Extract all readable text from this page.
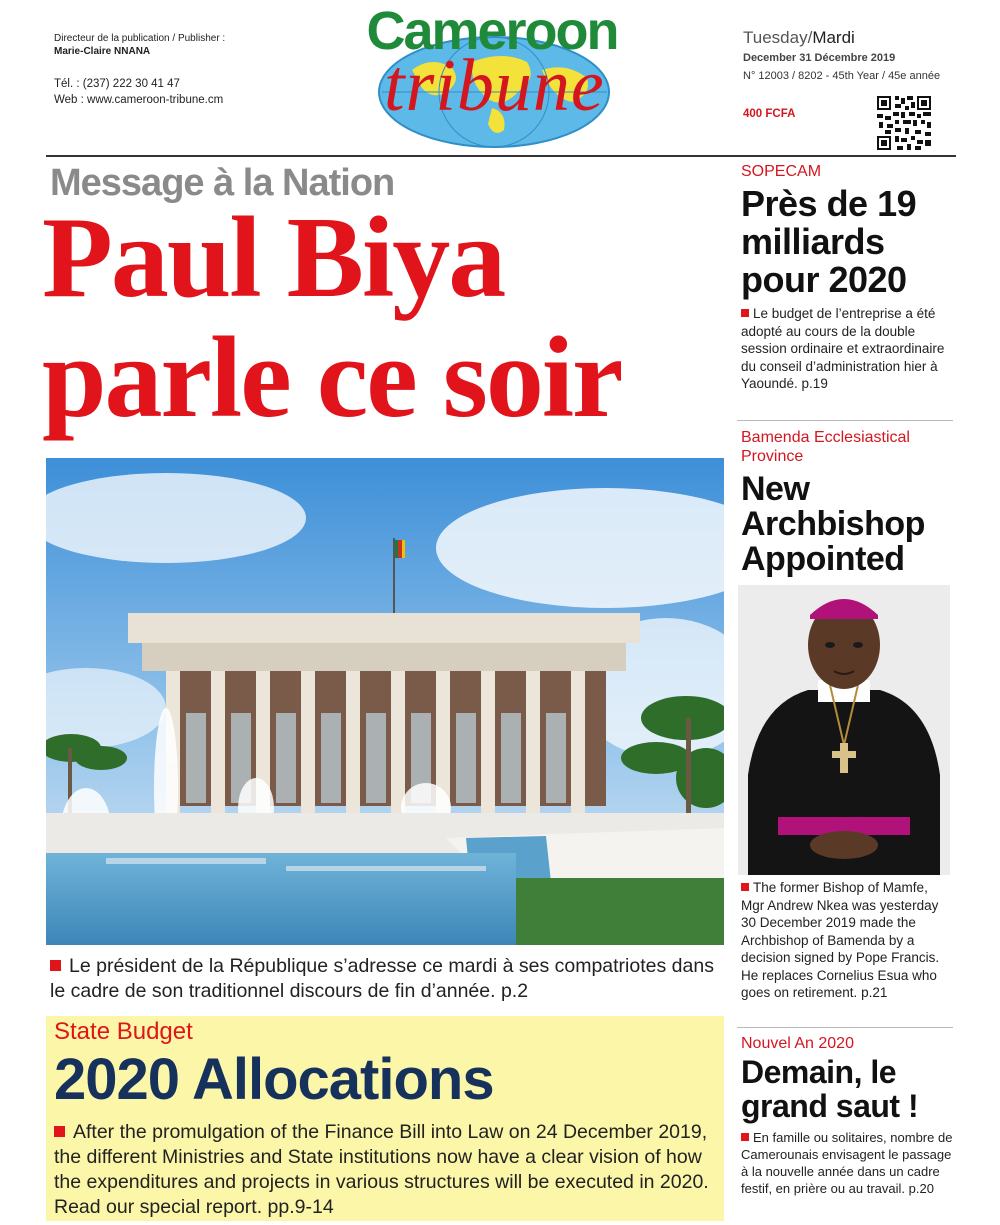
Directeur de la publication / Publisher :
Marie-Claire NNANA
Tél. : (237) 222 30 41 47
Web : www.cameroon-tribune.cm
Cameroon
tribune
Tuesday/Mardi
December 31 Décembre 2019
N° 12003 / 8202 - 45th Year / 45e année
400 FCFA
Message à la Nation
Paul Biya
parle ce soir
Le président de la République s’adresse ce mardi à ses compatriotes dans le cadre de son traditionnel discours de fin d’année. p.2
State Budget
2020 Allocations
After the promulgation of the Finance Bill into Law on 24 December 2019, the different Ministries and State institutions now have a clear vision of how the expenditures and projects in various structures will be executed in 2020. Read our special report. pp.9-14
SOPECAM
Près de 19 milliards pour 2020
Le budget de l’entreprise a été adopté au cours de la double session ordinaire et extraordinaire du conseil d’administration hier à Yaoundé. p.19
Bamenda Ecclesiastical Province
New Archbishop Appointed
The former Bishop of Mamfe, Mgr Andrew Nkea was yesterday 30 December 2019 made the Archbishop of Bamenda by a decision signed by Pope Francis. He replaces Cornelius Esua who goes on retirement. p.21
Nouvel An 2020
Demain, le grand saut !
En famille ou solitaires, nombre de Camerounais envisagent le passage à la nouvelle année dans un cadre festif, en prière ou au travail. p.20
